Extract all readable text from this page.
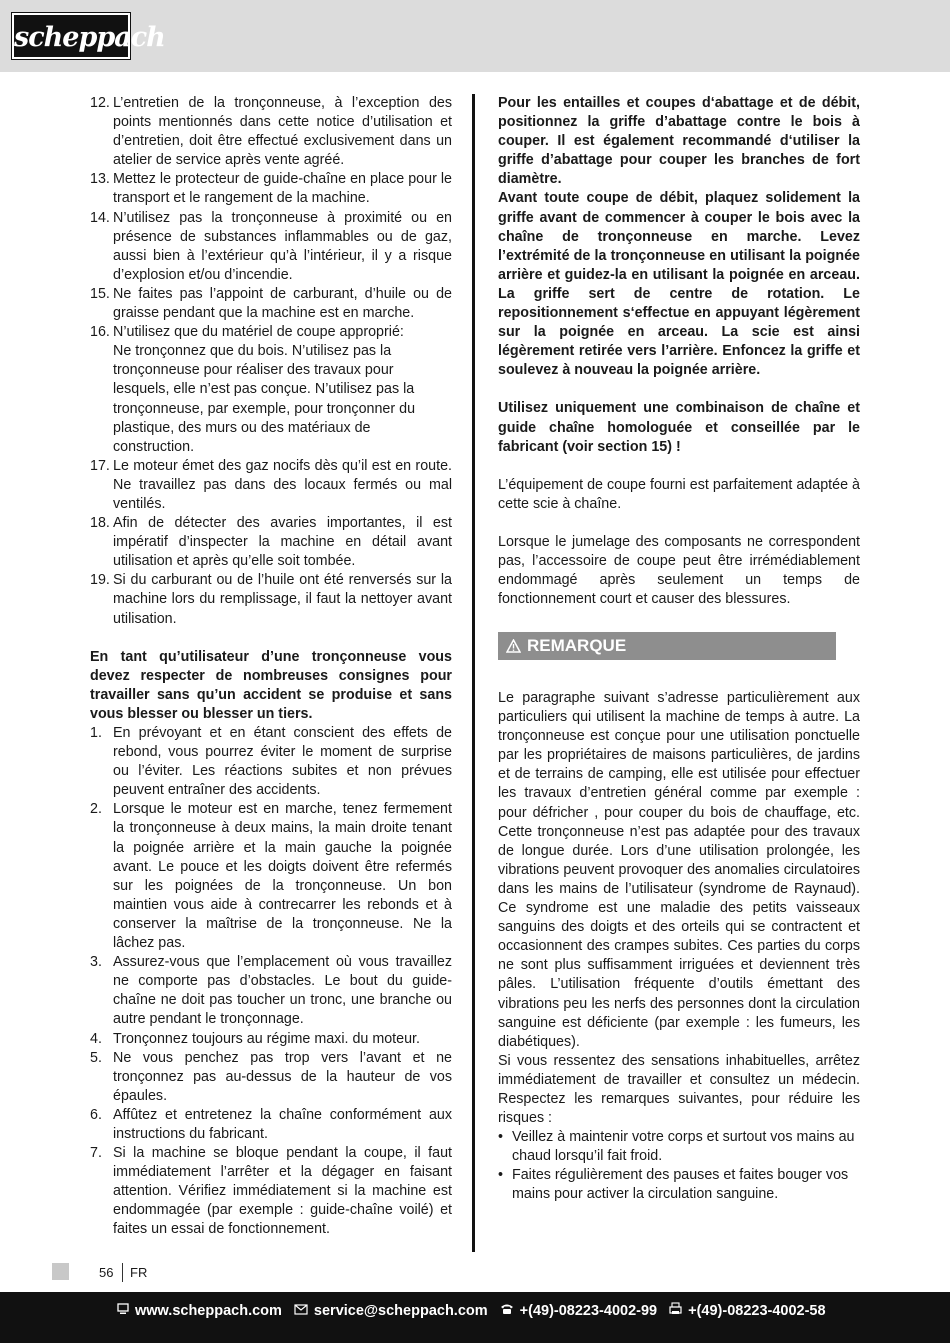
scheppach
12. L’entretien de la tronçonneuse, à l’exception des points mentionnés dans cette notice d’utilisation et d’entretien, doit être effectué exclusivement dans un atelier de service après vente agréé.
13. Mettez le protecteur de guide-chaîne en place pour le transport et le rangement de la machine.
14. N’utilisez pas la tronçonneuse à proximité ou en présence de substances inflammables ou de gaz, aussi bien à l’extérieur qu’à l’intérieur, il y a risque d’explosion et/ou d’incendie.
15. Ne faites pas l’appoint de carburant, d’huile ou de graisse pendant que la machine est en marche.
16. N’utilisez que du matériel de coupe approprié:
Ne tronçonnez que du bois. N’utilisez pas la tronçonneuse pour réaliser des travaux pour lesquels, elle n’est pas conçue. N’utilisez pas la tronçonneuse, par exemple, pour tronçonner du plastique, des murs ou des matériaux de construction.
17. Le moteur émet des gaz nocifs dès qu’il est en route. Ne travaillez pas dans des locaux fermés ou mal ventilés.
18. Afin de détecter des avaries importantes, il est impératif d’inspecter la machine en détail avant utilisation et après qu’elle soit tombée.
19. Si du carburant ou de l’huile ont été renversés sur la machine lors du remplissage, il faut la nettoyer avant utilisation.
En tant qu’utilisateur d’une tronçonneuse vous devez respecter de nombreuses consignes pour travailler sans qu’un accident se produise et sans vous blesser ou blesser un tiers.
1. En prévoyant et en étant conscient des effets de rebond, vous pourrez éviter le moment de surprise ou l’éviter. Les réactions subites et non prévues peuvent entraîner des accidents.
2. Lorsque le moteur est en marche, tenez fermement la tronçonneuse à deux mains, la main droite tenant la poignée arrière et la main gauche la poignée avant. Le pouce et les doigts doivent être refermés sur les poignées de la tronçonneuse. Un bon maintien vous aide à contrecarrer les rebonds et à conserver la maîtrise de la tronçonneuse. Ne la lâchez pas.
3. Assurez-vous que l’emplacement où vous travaillez ne comporte pas d’obstacles. Le bout du guide-chaîne ne doit pas toucher un tronc, une branche ou autre pendant le tronçonnage.
4. Tronçonnez toujours au régime maxi. du moteur.
5. Ne vous penchez pas trop vers l’avant et ne tronçonnez pas au-dessus de la hauteur de vos épaules.
6. Affûtez et entretenez la chaîne conformément aux instructions du fabricant.
7. Si la machine se bloque pendant la coupe, il faut immédiatement l’arrêter et la dégager en faisant attention. Vérifiez immédiatement si la machine est endommagée (par exemple : guide-chaîne voilé) et faites un essai de fonctionnement.
Pour les entailles et coupes d‘abattage et de débit, positionnez la griffe d’abattage contre le bois à couper. Il est également recommandé d‘utiliser la griffe d’abattage pour couper les branches de fort diamètre.
Avant toute coupe de débit, plaquez solidement la griffe avant de commencer à couper le bois avec la chaîne de tronçonneuse en marche. Levez l’extrémité de la tronçonneuse en utilisant la poignée arrière et guidez-la en utilisant la poignée en arceau. La griffe sert de centre de rotation. Le repositionnement s‘effectue en appuyant légèrement sur la poignée en arceau. La scie est ainsi légèrement retirée vers l’arrière. Enfoncez la griffe et soulevez à nouveau la poignée arrière.
Utilisez uniquement une combinaison de chaîne et guide chaîne homologuée et conseillée par le fabricant (voir section 15) !
L’équipement de coupe fourni est parfaitement adaptée à cette scie à chaîne.
Lorsque le jumelage des composants ne correspondent pas, l’accessoire de coupe peut être irrémédiablement endommagé après seulement un temps de fonctionnement court et causer des blessures.
REMARQUE
Le paragraphe suivant s’adresse particulièrement aux particuliers qui utilisent la machine de temps à autre. La tronçonneuse est conçue pour une utilisation ponctuelle par les propriétaires de maisons particulières, de jardins et de terrains de camping, elle est utilisée pour effectuer les travaux d’entretien général comme par exemple : pour défricher , pour couper du bois de chauffage, etc. Cette tronçonneuse n’est pas adaptée pour des travaux de longue durée. Lors d’une utilisation prolongée, les vibrations peuvent provoquer des anomalies circulatoires dans les mains de l’utilisateur (syndrome de Raynaud). Ce syndrome est une maladie des petits vaisseaux sanguins des doigts et des orteils qui se contractent et occasionnent des crampes subites. Ces parties du corps ne sont plus suffisamment irriguées et deviennent très pâles. L’utilisation fréquente d’outils émettant des vibrations peu les nerfs des personnes dont la circulation sanguine est déficiente (par exemple : les fumeurs, les diabétiques).
Si vous ressentez des sensations inhabituelles, arrêtez immédiatement de travailler et consultez un médecin. Respectez les remarques suivantes, pour réduire les risques :
• Veillez à maintenir votre corps et surtout vos mains au chaud lorsqu’il fait froid.
• Faites régulièrement des pauses et faites bouger vos mains pour activer la circulation sanguine.
56 FR
www.scheppach.com service@scheppach.com +(49)-08223-4002-99 +(49)-08223-4002-58
